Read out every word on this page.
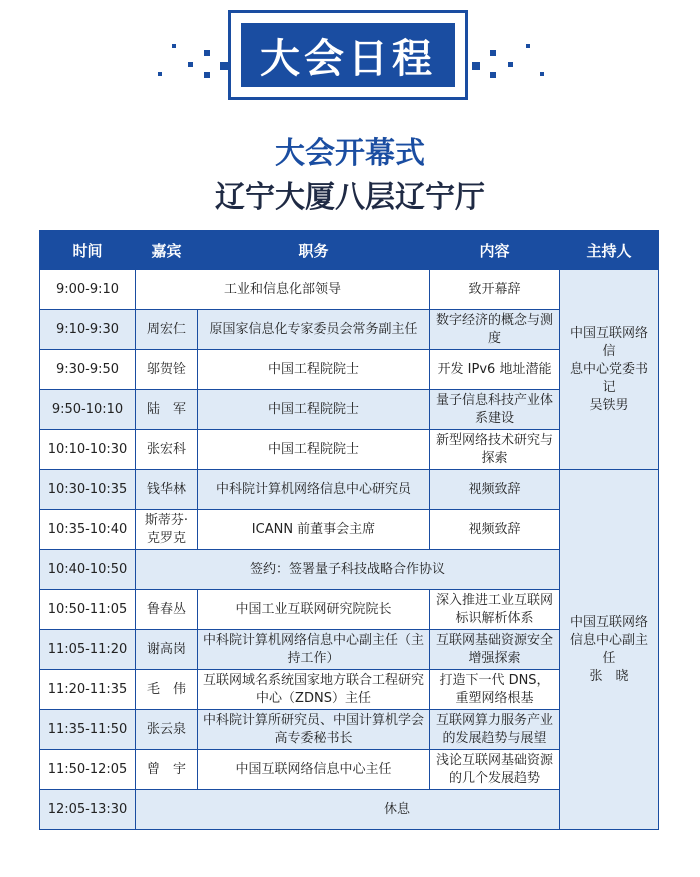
大会日程
大会开幕式
辽宁大厦八层辽宁厅
时间	嘉宾	职务	内容	主持人
9:00-9:10	工业和信息化部领导		致开幕辞	中国互联网络信
息中心党委书记
吴铁男
9:10-9:30	周宏仁	原国家信息化专家委员会常务副主任	数字经济的概念与测度	
9:30-9:50	邬贺铨	中国工程院院士	开发 IPv6 地址潜能	
9:50-10:10	陆　军	中国工程院院士	量子信息科技产业体系建设	
10:10-10:30	张宏科	中国工程院院士	新型网络技术研究与探索	
10:30-10:35	钱华林	中科院计算机网络信息中心研究员	视频致辞	中国互联网络
信息中心副主任
张　晓
10:35-10:40	斯蒂芬·克罗克	ICANN 前董事会主席	视频致辞	
10:40-10:50	签约：签署量子科技战略合作协议			
10:50-11:05	鲁春丛	中国工业互联网研究院院长	深入推进工业互联网标识解析体系	
11:05-11:20	谢高岗	中科院计算机网络信息中心副主任（主持工作）	互联网基础资源安全增强探索	
11:20-11:35	毛　伟	互联网域名系统国家地方联合工程研究中心（ZDNS）主任	打造下一代 DNS，重塑网络根基	
11:35-11:50	张云泉	中科院计算所研究员、中国计算机学会高专委秘书长	互联网算力服务产业的发展趋势与展望	
11:50-12:05	曾　宇	中国互联网络信息中心主任	浅论互联网基础资源的几个发展趋势	
12:05-13:30	休息			
